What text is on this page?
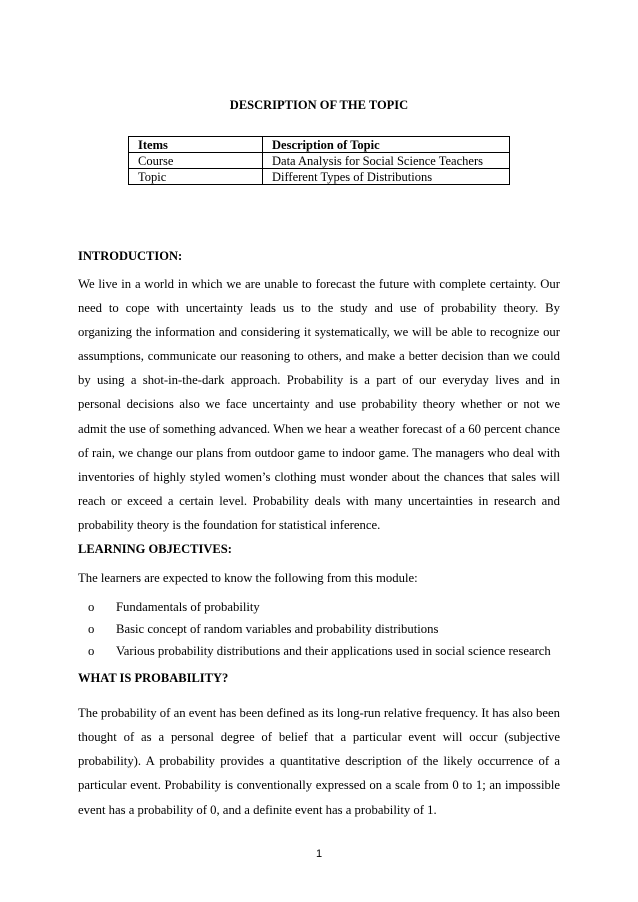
DESCRIPTION OF THE TOPIC
Items	Description of Topic
Course	Data Analysis for Social Science Teachers
Topic	Different Types of Distributions
INTRODUCTION:

We live in a world in which we are unable to forecast the future with complete certainty. Our need to cope with uncertainty leads us to the study and use of probability theory. By organizing the information and considering it systematically, we will be able to recognize our assumptions, communicate our reasoning to others, and make a better decision than we could by using a shot-in-the-dark approach. Probability is a part of our everyday lives and in personal decisions also we face uncertainty and use probability theory whether or not we admit the use of something advanced. When we hear a weather forecast of a 60 percent chance of rain, we change our plans from outdoor game to indoor game. The managers who deal with inventories of highly styled women’s clothing must wonder about the chances that sales will reach or exceed a certain level. Probability deals with many uncertainties in research and probability theory is the foundation for statistical inference.

LEARNING OBJECTIVES:

The learners are expected to know the following from this module:

o Fundamentals of probability
o Basic concept of random variables and probability distributions
o Various probability distributions and their applications used in social science research
WHAT IS PROBABILITY?

The probability of an event has been defined as its long-run relative frequency. It has also been thought of as a personal degree of belief that a particular event will occur (subjective probability). A probability provides a quantitative description of the likely occurrence of a particular event. Probability is conventionally expressed on a scale from 0 to 1; an impossible event has a probability of 0, and a definite event has a probability of 1.

1
